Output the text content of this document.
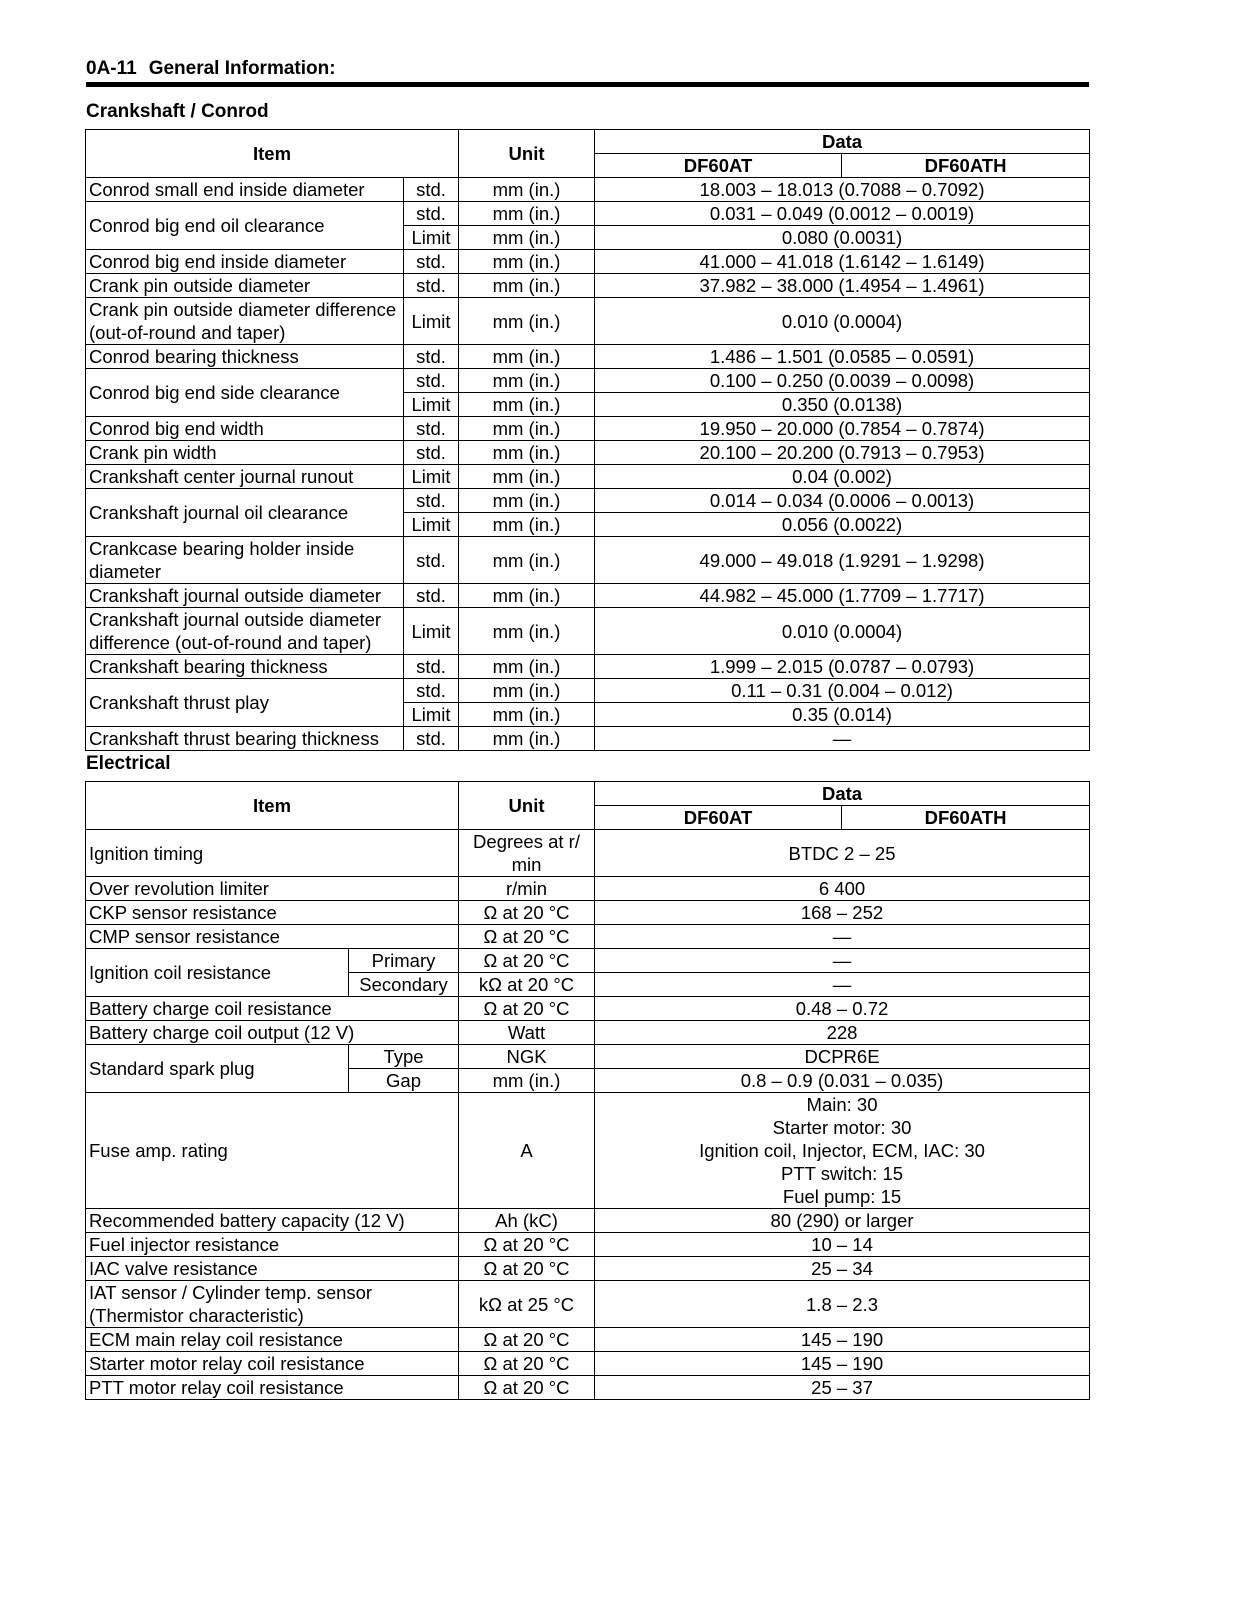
0A-11 General Information:
Crankshaft / Conrod
Item		Unit	Data	
			DF60AT	DF60ATH
Conrod small end inside diameter	std.	mm (in.)	18.003 – 18.013 (0.7088 – 0.7092)	
Conrod big end oil clearance	std.	mm (in.)	0.031 – 0.049 (0.0012 – 0.0019)	
	Limit	mm (in.)	0.080 (0.0031)	
Conrod big end inside diameter	std.	mm (in.)	41.000 – 41.018 (1.6142 – 1.6149)	
Crank pin outside diameter	std.	mm (in.)	37.982 – 38.000 (1.4954 – 1.4961)	
Crank pin outside diameter difference (out-of-round and taper)	Limit	mm (in.)	0.010 (0.0004)	
Conrod bearing thickness	std.	mm (in.)	1.486 – 1.501 (0.0585 – 0.0591)	
Conrod big end side clearance	std.	mm (in.)	0.100 – 0.250 (0.0039 – 0.0098)	
	Limit	mm (in.)	0.350 (0.0138)	
Conrod big end width	std.	mm (in.)	19.950 – 20.000 (0.7854 – 0.7874)	
Crank pin width	std.	mm (in.)	20.100 – 20.200 (0.7913 – 0.7953)	
Crankshaft center journal runout	Limit	mm (in.)	0.04 (0.002)	
Crankshaft journal oil clearance	std.	mm (in.)	0.014 – 0.034 (0.0006 – 0.0013)	
	Limit	mm (in.)	0.056 (0.0022)	
Crankcase bearing holder inside diameter	std.	mm (in.)	49.000 – 49.018 (1.9291 – 1.9298)	
Crankshaft journal outside diameter	std.	mm (in.)	44.982 – 45.000 (1.7709 – 1.7717)	
Crankshaft journal outside diameter difference (out-of-round and taper)	Limit	mm (in.)	0.010 (0.0004)	
Crankshaft bearing thickness	std.	mm (in.)	1.999 – 2.015 (0.0787 – 0.0793)	
Crankshaft thrust play	std.	mm (in.)	0.11 – 0.31 (0.004 – 0.012)	
	Limit	mm (in.)	0.35 (0.014)	
Crankshaft thrust bearing thickness	std.	mm (in.)	—	
Electrical
Item		Unit	Data	
			DF60AT	DF60ATH
Ignition timing		Degrees at r/ min	BTDC 2 – 25	
Over revolution limiter		r/min	6 400	
CKP sensor resistance		Ω at 20 °C	168 – 252	
CMP sensor resistance		Ω at 20 °C	—	
Ignition coil resistance	Primary	Ω at 20 °C	—	
	Secondary	kΩ at 20 °C	—	
Battery charge coil resistance		Ω at 20 °C	0.48 – 0.72	
Battery charge coil output (12 V)		Watt	228	
Standard spark plug	Type	NGK	DCPR6E	
	Gap	mm (in.)	0.8 – 0.9 (0.031 – 0.035)	
Fuse amp. rating		A	Main: 30
Starter motor: 30
Ignition coil, Injector, ECM, IAC: 30
PTT switch: 15
Fuel pump: 15	

Recommended battery capacity (12 V)		Ah (kC)	80 (290) or larger	
Fuel injector resistance		Ω at 20 °C	10 – 14	
IAC valve resistance		Ω at 20 °C	25 – 34	
IAT sensor / Cylinder temp. sensor (Thermistor characteristic)		kΩ at 25 °C	1.8 – 2.3	
ECM main relay coil resistance		Ω at 20 °C	145 – 190	
Starter motor relay coil resistance		Ω at 20 °C	145 – 190	
PTT motor relay coil resistance		Ω at 20 °C	25 – 37	
